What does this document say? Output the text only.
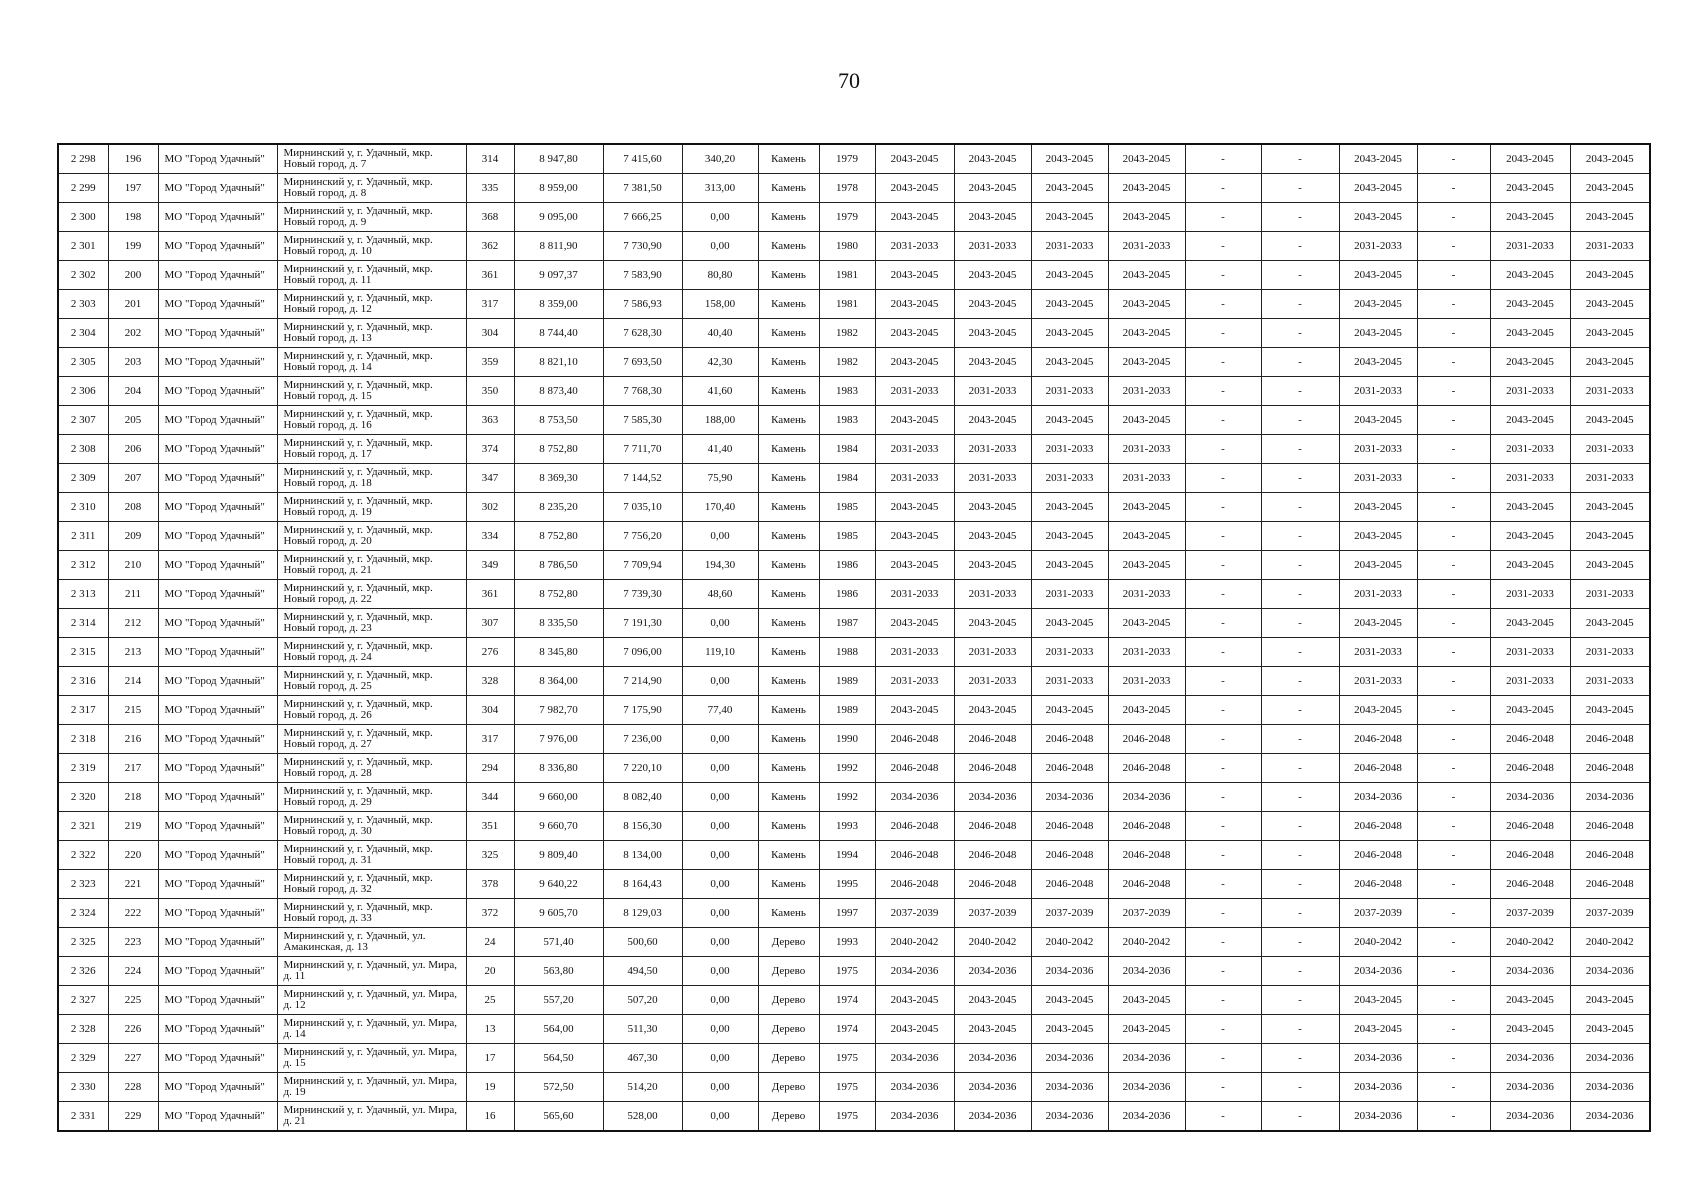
70
2 298	196	МО "Город Удачный"	Мирнинский у, г. Удачный, мкр. Новый город, д. 7	314	8 947,80	7 415,60	340,20	Камень	1979	2043-2045	2043-2045	2043-2045	2043-2045	-	-	2043-2045	-	2043-2045	2043-2045
2 299	197	МО "Город Удачный"	Мирнинский у, г. Удачный, мкр. Новый город, д. 8	335	8 959,00	7 381,50	313,00	Камень	1978	2043-2045	2043-2045	2043-2045	2043-2045	-	-	2043-2045	-	2043-2045	2043-2045
2 300	198	МО "Город Удачный"	Мирнинский у, г. Удачный, мкр. Новый город, д. 9	368	9 095,00	7 666,25	0,00	Камень	1979	2043-2045	2043-2045	2043-2045	2043-2045	-	-	2043-2045	-	2043-2045	2043-2045
2 301	199	МО "Город Удачный"	Мирнинский у, г. Удачный, мкр. Новый город, д. 10	362	8 811,90	7 730,90	0,00	Камень	1980	2031-2033	2031-2033	2031-2033	2031-2033	-	-	2031-2033	-	2031-2033	2031-2033
2 302	200	МО "Город Удачный"	Мирнинский у, г. Удачный, мкр. Новый город, д. 11	361	9 097,37	7 583,90	80,80	Камень	1981	2043-2045	2043-2045	2043-2045	2043-2045	-	-	2043-2045	-	2043-2045	2043-2045
2 303	201	МО "Город Удачный"	Мирнинский у, г. Удачный, мкр. Новый город, д. 12	317	8 359,00	7 586,93	158,00	Камень	1981	2043-2045	2043-2045	2043-2045	2043-2045	-	-	2043-2045	-	2043-2045	2043-2045
2 304	202	МО "Город Удачный"	Мирнинский у, г. Удачный, мкр. Новый город, д. 13	304	8 744,40	7 628,30	40,40	Камень	1982	2043-2045	2043-2045	2043-2045	2043-2045	-	-	2043-2045	-	2043-2045	2043-2045
2 305	203	МО "Город Удачный"	Мирнинский у, г. Удачный, мкр. Новый город, д. 14	359	8 821,10	7 693,50	42,30	Камень	1982	2043-2045	2043-2045	2043-2045	2043-2045	-	-	2043-2045	-	2043-2045	2043-2045
2 306	204	МО "Город Удачный"	Мирнинский у, г. Удачный, мкр. Новый город, д. 15	350	8 873,40	7 768,30	41,60	Камень	1983	2031-2033	2031-2033	2031-2033	2031-2033	-	-	2031-2033	-	2031-2033	2031-2033
2 307	205	МО "Город Удачный"	Мирнинский у, г. Удачный, мкр. Новый город, д. 16	363	8 753,50	7 585,30	188,00	Камень	1983	2043-2045	2043-2045	2043-2045	2043-2045	-	-	2043-2045	-	2043-2045	2043-2045
2 308	206	МО "Город Удачный"	Мирнинский у, г. Удачный, мкр. Новый город, д. 17	374	8 752,80	7 711,70	41,40	Камень	1984	2031-2033	2031-2033	2031-2033	2031-2033	-	-	2031-2033	-	2031-2033	2031-2033
2 309	207	МО "Город Удачный"	Мирнинский у, г. Удачный, мкр. Новый город, д. 18	347	8 369,30	7 144,52	75,90	Камень	1984	2031-2033	2031-2033	2031-2033	2031-2033	-	-	2031-2033	-	2031-2033	2031-2033
2 310	208	МО "Город Удачный"	Мирнинский у, г. Удачный, мкр. Новый город, д. 19	302	8 235,20	7 035,10	170,40	Камень	1985	2043-2045	2043-2045	2043-2045	2043-2045	-	-	2043-2045	-	2043-2045	2043-2045
2 311	209	МО "Город Удачный"	Мирнинский у, г. Удачный, мкр. Новый город, д. 20	334	8 752,80	7 756,20	0,00	Камень	1985	2043-2045	2043-2045	2043-2045	2043-2045	-	-	2043-2045	-	2043-2045	2043-2045
2 312	210	МО "Город Удачный"	Мирнинский у, г. Удачный, мкр. Новый город, д. 21	349	8 786,50	7 709,94	194,30	Камень	1986	2043-2045	2043-2045	2043-2045	2043-2045	-	-	2043-2045	-	2043-2045	2043-2045
2 313	211	МО "Город Удачный"	Мирнинский у, г. Удачный, мкр. Новый город, д. 22	361	8 752,80	7 739,30	48,60	Камень	1986	2031-2033	2031-2033	2031-2033	2031-2033	-	-	2031-2033	-	2031-2033	2031-2033
2 314	212	МО "Город Удачный"	Мирнинский у, г. Удачный, мкр. Новый город, д. 23	307	8 335,50	7 191,30	0,00	Камень	1987	2043-2045	2043-2045	2043-2045	2043-2045	-	-	2043-2045	-	2043-2045	2043-2045
2 315	213	МО "Город Удачный"	Мирнинский у, г. Удачный, мкр. Новый город, д. 24	276	8 345,80	7 096,00	119,10	Камень	1988	2031-2033	2031-2033	2031-2033	2031-2033	-	-	2031-2033	-	2031-2033	2031-2033
2 316	214	МО "Город Удачный"	Мирнинский у, г. Удачный, мкр. Новый город, д. 25	328	8 364,00	7 214,90	0,00	Камень	1989	2031-2033	2031-2033	2031-2033	2031-2033	-	-	2031-2033	-	2031-2033	2031-2033
2 317	215	МО "Город Удачный"	Мирнинский у, г. Удачный, мкр. Новый город, д. 26	304	7 982,70	7 175,90	77,40	Камень	1989	2043-2045	2043-2045	2043-2045	2043-2045	-	-	2043-2045	-	2043-2045	2043-2045
2 318	216	МО "Город Удачный"	Мирнинский у, г. Удачный, мкр. Новый город, д. 27	317	7 976,00	7 236,00	0,00	Камень	1990	2046-2048	2046-2048	2046-2048	2046-2048	-	-	2046-2048	-	2046-2048	2046-2048
2 319	217	МО "Город Удачный"	Мирнинский у, г. Удачный, мкр. Новый город, д. 28	294	8 336,80	7 220,10	0,00	Камень	1992	2046-2048	2046-2048	2046-2048	2046-2048	-	-	2046-2048	-	2046-2048	2046-2048
2 320	218	МО "Город Удачный"	Мирнинский у, г. Удачный, мкр. Новый город, д. 29	344	9 660,00	8 082,40	0,00	Камень	1992	2034-2036	2034-2036	2034-2036	2034-2036	-	-	2034-2036	-	2034-2036	2034-2036
2 321	219	МО "Город Удачный"	Мирнинский у, г. Удачный, мкр. Новый город, д. 30	351	9 660,70	8 156,30	0,00	Камень	1993	2046-2048	2046-2048	2046-2048	2046-2048	-	-	2046-2048	-	2046-2048	2046-2048
2 322	220	МО "Город Удачный"	Мирнинский у, г. Удачный, мкр. Новый город, д. 31	325	9 809,40	8 134,00	0,00	Камень	1994	2046-2048	2046-2048	2046-2048	2046-2048	-	-	2046-2048	-	2046-2048	2046-2048
2 323	221	МО "Город Удачный"	Мирнинский у, г. Удачный, мкр. Новый город, д. 32	378	9 640,22	8 164,43	0,00	Камень	1995	2046-2048	2046-2048	2046-2048	2046-2048	-	-	2046-2048	-	2046-2048	2046-2048
2 324	222	МО "Город Удачный"	Мирнинский у, г. Удачный, мкр. Новый город, д. 33	372	9 605,70	8 129,03	0,00	Камень	1997	2037-2039	2037-2039	2037-2039	2037-2039	-	-	2037-2039	-	2037-2039	2037-2039
2 325	223	МО "Город Удачный"	Мирнинский у, г. Удачный, ул. Амакинская, д. 13	24	571,40	500,60	0,00	Дерево	1993	2040-2042	2040-2042	2040-2042	2040-2042	-	-	2040-2042	-	2040-2042	2040-2042
2 326	224	МО "Город Удачный"	Мирнинский у, г. Удачный, ул. Мира, д. 11	20	563,80	494,50	0,00	Дерево	1975	2034-2036	2034-2036	2034-2036	2034-2036	-	-	2034-2036	-	2034-2036	2034-2036
2 327	225	МО "Город Удачный"	Мирнинский у, г. Удачный, ул. Мира, д. 12	25	557,20	507,20	0,00	Дерево	1974	2043-2045	2043-2045	2043-2045	2043-2045	-	-	2043-2045	-	2043-2045	2043-2045
2 328	226	МО "Город Удачный"	Мирнинский у, г. Удачный, ул. Мира, д. 14	13	564,00	511,30	0,00	Дерево	1974	2043-2045	2043-2045	2043-2045	2043-2045	-	-	2043-2045	-	2043-2045	2043-2045
2 329	227	МО "Город Удачный"	Мирнинский у, г. Удачный, ул. Мира, д. 15	17	564,50	467,30	0,00	Дерево	1975	2034-2036	2034-2036	2034-2036	2034-2036	-	-	2034-2036	-	2034-2036	2034-2036
2 330	228	МО "Город Удачный"	Мирнинский у, г. Удачный, ул. Мира, д. 19	19	572,50	514,20	0,00	Дерево	1975	2034-2036	2034-2036	2034-2036	2034-2036	-	-	2034-2036	-	2034-2036	2034-2036
2 331	229	МО "Город Удачный"	Мирнинский у, г. Удачный, ул. Мира, д. 21	16	565,60	528,00	0,00	Дерево	1975	2034-2036	2034-2036	2034-2036	2034-2036	-	-	2034-2036	-	2034-2036	2034-2036
